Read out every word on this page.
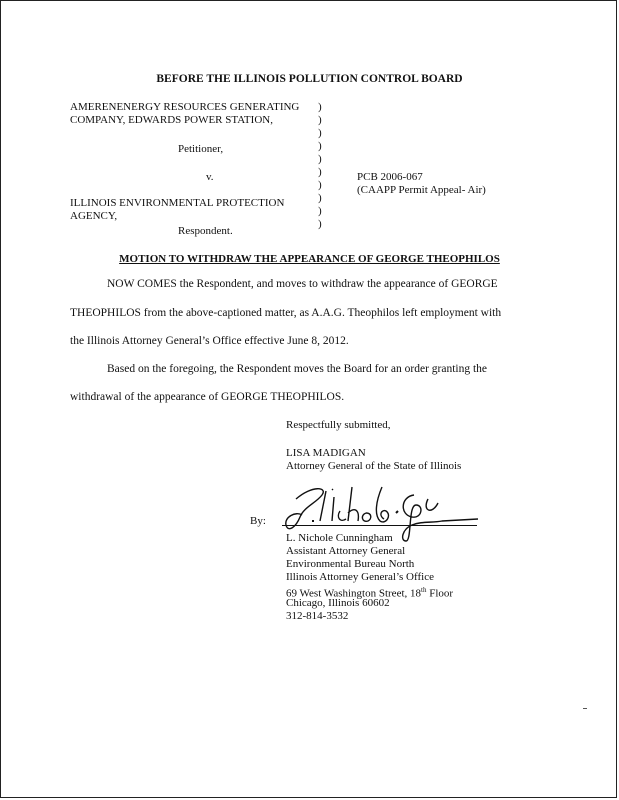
BEFORE THE ILLINOIS POLLUTION CONTROL BOARD
AMERENENERGY RESOURCES GENERATING
COMPANY, EDWARDS POWER STATION,
Petitioner,
v.
ILLINOIS ENVIRONMENTAL PROTECTION
AGENCY,
Respondent.
)
)
)
)
)
)
)
)
)
)
PCB 2006-067
(CAAPP Permit Appeal- Air)
MOTION TO WITHDRAW THE APPEARANCE OF GEORGE THEOPHILOS
NOW COMES the Respondent, and moves to withdraw the appearance of GEORGE
THEOPHILOS from the above-captioned matter, as A.A.G. Theophilos left employment with
the Illinois Attorney General’s Office effective June 8, 2012.
Based on the foregoing, the Respondent moves the Board for an order granting the
withdrawal of the appearance of GEORGE THEOPHILOS.
Respectfully submitted,
LISA MADIGAN
Attorney General of the State of Illinois
By:
L. Nichole Cunningham
Assistant Attorney General
Environmental Bureau North
Illinois Attorney General’s Office
69 West Washington Street, 18th Floor
Chicago, Illinois 60602
312-814-3532
